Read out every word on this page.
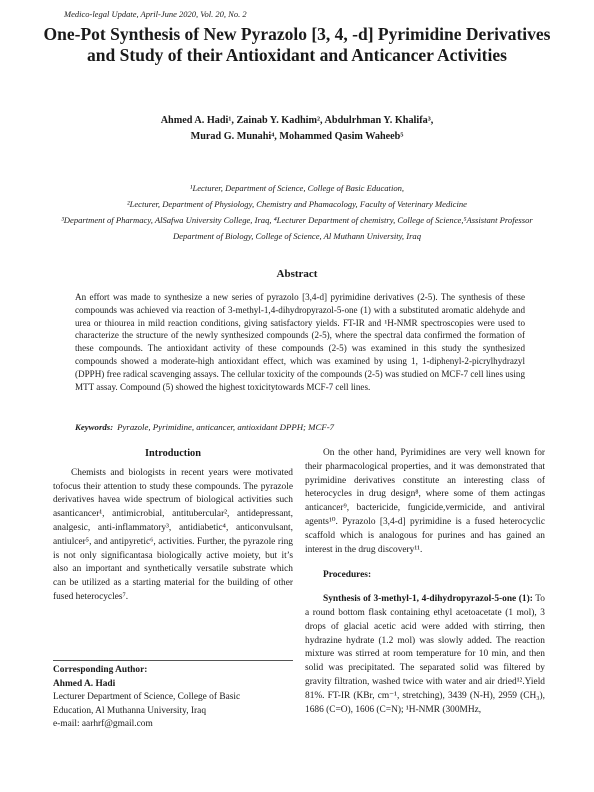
Medico-legal Update, April-June 2020, Vol. 20, No. 2
One-Pot Synthesis of New Pyrazolo [3, 4, -d] Pyrimidine Derivatives and Study of their Antioxidant and Anticancer Activities
Ahmed A. Hadi¹, Zainab Y. Kadhim², Abdulrhman Y. Khalifa³,
Murad G. Munahi⁴, Mohammed Qasim Waheeb⁵
¹Lecturer, Department of Science, College of Basic Education,
²Lecturer, Department of Physiology, Chemistry and Phamacology, Faculty of Veterinary Medicine
³Department of Pharmacy, AlSafwa University College, Iraq, ⁴Lecturer Department of chemistry, College of Science,⁵Assistant Professor Department of Biology, College of Science, Al Muthann University, Iraq
Abstract
An effort was made to synthesize a new series of pyrazolo [3,4-d] pyrimidine derivatives (2-5). The synthesis of these compounds was achieved via reaction of 3-methyl-1,4-dihydropyrazol-5-one (1) with a substituted aromatic aldehyde and urea or thiourea in mild reaction conditions, giving satisfactory yields. FT-IR and ¹H-NMR spectroscopies were used to characterize the structure of the newly synthesized compounds (2-5), where the spectral data confirmed the formation of these compounds. The antioxidant activity of these compounds (2-5) was examined in this study the synthesized compounds showed a moderate-high antioxidant effect, which was examined by using 1, 1-diphenyl-2-picrylhydrazyl (DPPH) free radical scavenging assays. The cellular toxicity of the compounds (2-5) was studied on MCF-7 cell lines using MTT assay. Compound (5) showed the highest toxicitytowards MCF-7 cell lines.
Keywords: Pyrazole, Pyrimidine, anticancer, antioxidant DPPH; MCF-7
Introduction

Chemists and biologists in recent years were motivated tofocus their attention to study these compounds. The pyrazole derivatives havea wide spectrum of biological activities such asanticancer¹, antimicrobial, antitubercular², antidepressant, analgesic, anti-inflammatory³, antidiabetic⁴, anticonvulsant, antiulcer⁵, and antipyretic⁶, activities. Further, the pyrazole ring is not only significantasa biologically active moiety, but it’s also an important and synthetically versatile substrate which can be utilized as a starting material for the building of other fused heterocycles⁷.

On the other hand, Pyrimidines are very well known for their pharmacological properties, and it was demonstrated that pyrimidine derivatives constitute an interesting class of heterocycles in drug design⁸, where some of them actingas anticancer⁹, bactericide, fungicide,vermicide, and antiviral agents¹⁰. Pyrazolo [3,4-d] pyrimidine is a fused heterocyclic scaffold which is analogous for purines and has gained an interest in the drug discovery¹¹.

Procedures:

Synthesis of 3-methyl-1, 4-dihydropyrazol-5-one (1): To a round bottom flask containing ethyl acetoacetate (1 mol), 3 drops of glacial acetic acid were added with stirring, then hydrazine hydrate (1.2 mol) was slowly added. The reaction mixture was stirred at room temperature for 10 min, and then solid was precipitated. The separated solid was filtered by gravity filtration, washed twice with water and air dried¹².Yield 81%. FT-IR (KBr, cm⁻¹, stretching), 3439 (N-H), 2959 (CH₃), 1686 (C=O), 1606 (C=N); ¹H-NMR (300MHz,

Corresponding Author:
Ahmed A. Hadi
Lecturer Department of Science, College of Basic
Education, Al Muthanna University, Iraq
e-mail: aarhrf@gmail.com
